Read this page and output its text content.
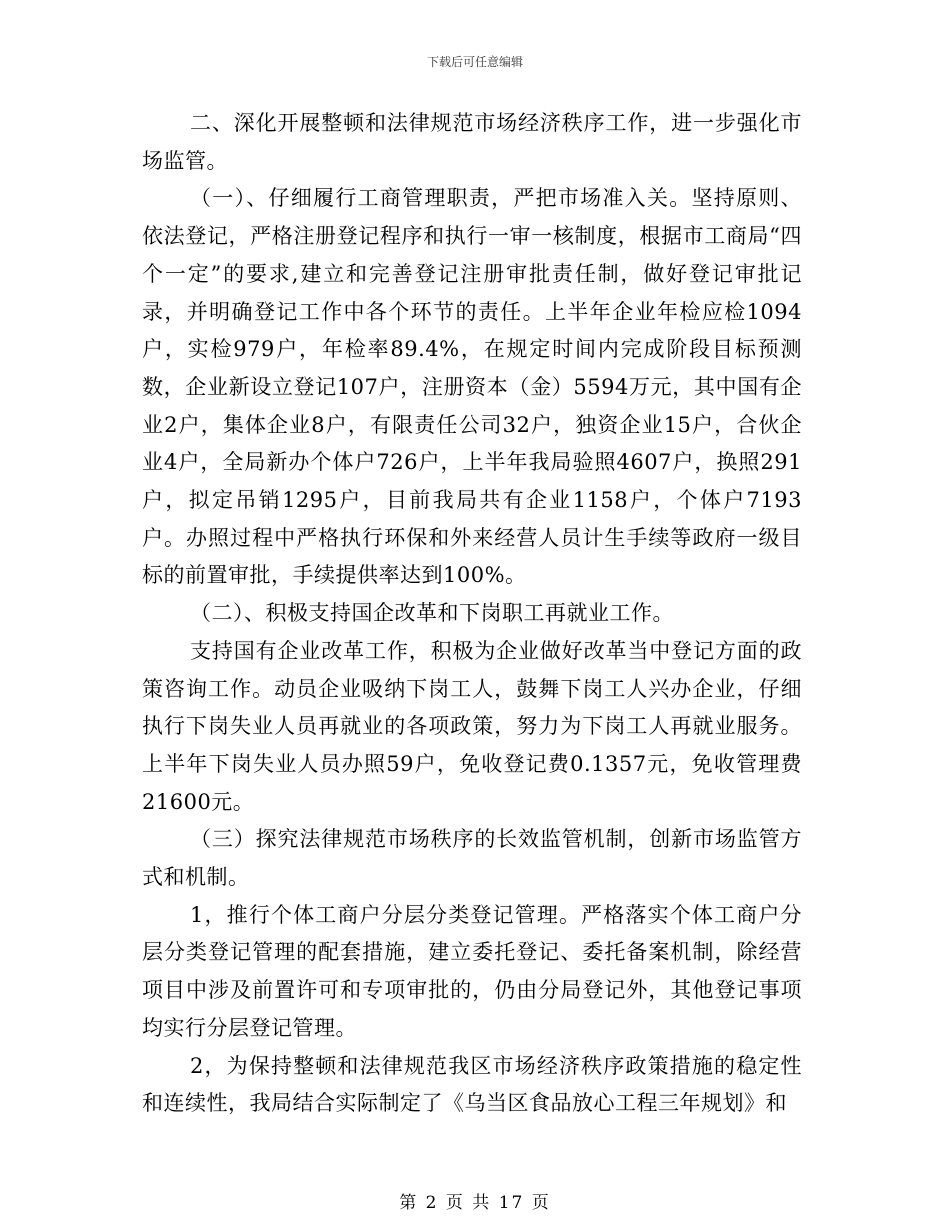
下载后可任意编辑

二、深化开展整顿和法律规范市场经济秩序工作，进一步强化市场监管。

（一）、仔细履行工商管理职责，严把市场准入关。坚持原则、依法登记，严格注册登记程序和执行一审一核制度，根据市工商局“四个一定”的要求,建立和完善登记注册审批责任制，做好登记审批记录，并明确登记工作中各个环节的责任。上半年企业年检应检1094户，实检979户，年检率89.4%，在规定时间内完成阶段目标预测数，企业新设立登记107户，注册资本（金）5594万元，其中国有企业2户，集体企业8户，有限责任公司32户，独资企业15户，合伙企业4户，全局新办个体户726户，上半年我局验照4607户，换照291户，拟定吊销1295户，目前我局共有企业1158户，个体户7193户。办照过程中严格执行环保和外来经营人员计生手续等政府一级目标的前置审批，手续提供率达到100%。

（二）、积极支持国企改革和下岗职工再就业工作。

支持国有企业改革工作，积极为企业做好改革当中登记方面的政策咨询工作。动员企业吸纳下岗工人，鼓舞下岗工人兴办企业，仔细执行下岗失业人员再就业的各项政策，努力为下岗工人再就业服务。上半年下岗失业人员办照59户，免收登记费0.1357元，免收管理费21600元。

（三）探究法律规范市场秩序的长效监管机制，创新市场监管方式和机制。

1，推行个体工商户分层分类登记管理。严格落实个体工商户分层分类登记管理的配套措施，建立委托登记、委托备案机制，除经营项目中涉及前置许可和专项审批的，仍由分局登记外，其他登记事项均实行分层登记管理。

2，为保持整顿和法律规范我区市场经济秩序政策措施的稳定性和连续性，我局结合实际制定了《乌当区食品放心工程三年规划》和

第 2 页 共 17 页
